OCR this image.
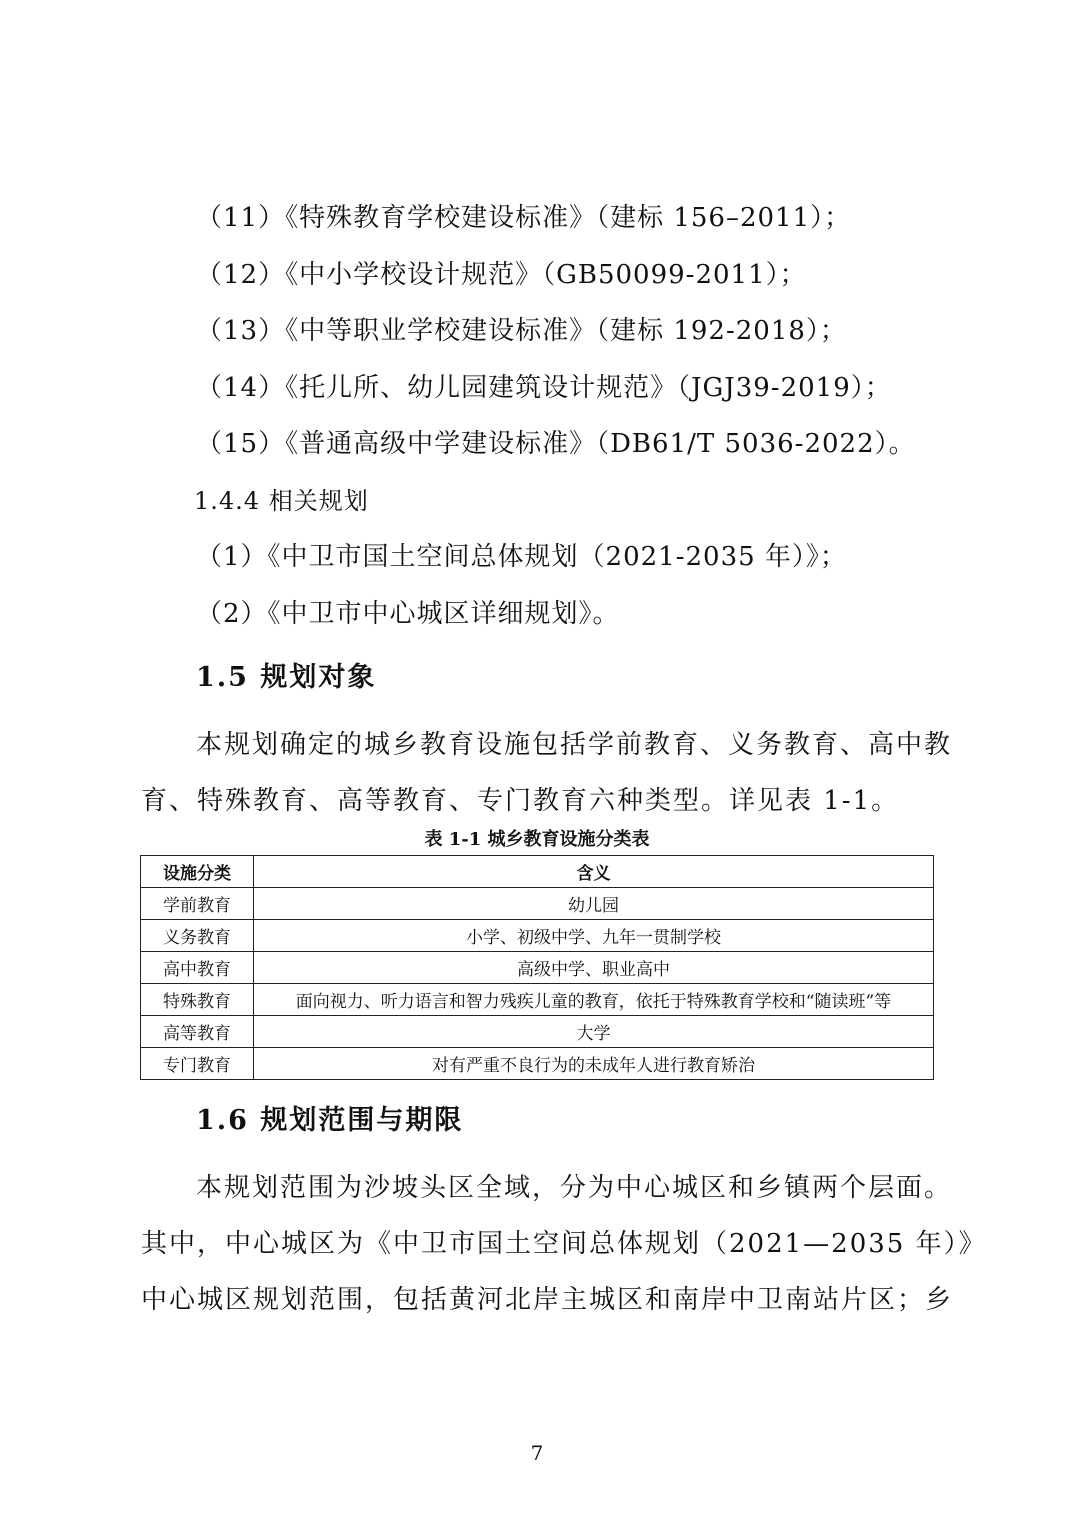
（11）《特殊教育学校建设标准》（建标 156–2011）；
（12）《中小学校设计规范》（GB50099-2011）；
（13）《中等职业学校建设标准》（建标 192-2018）；
（14）《托儿所、幼儿园建筑设计规范》（JGJ39-2019）；
（15）《普通高级中学建设标准》（DB61/T 5036-2022）。
1.4.4 相关规划
（1）《中卫市国土空间总体规划（2021-2035 年）》；
（2）《中卫市中心城区详细规划》。
1.5 规划对象
本规划确定的城乡教育设施包括学前教育、义务教育、高中教
育、特殊教育、高等教育、专门教育六种类型。详见表 1-1。
表 1-1 城乡教育设施分类表
设施分类	含义
学前教育	幼儿园
义务教育	小学、初级中学、九年一贯制学校
高中教育	高级中学、职业高中
特殊教育	面向视力、听力语言和智力残疾儿童的教育，依托于特殊教育学校和“随读班”等
高等教育	大学
专门教育	对有严重不良行为的未成年人进行教育矫治
1.6 规划范围与期限
本规划范围为沙坡头区全域，分为中心城区和乡镇两个层面。
其中，中心城区为《中卫市国土空间总体规划（2021—2035 年）》
中心城区规划范围，包括黄河北岸主城区和南岸中卫南站片区；乡
7
